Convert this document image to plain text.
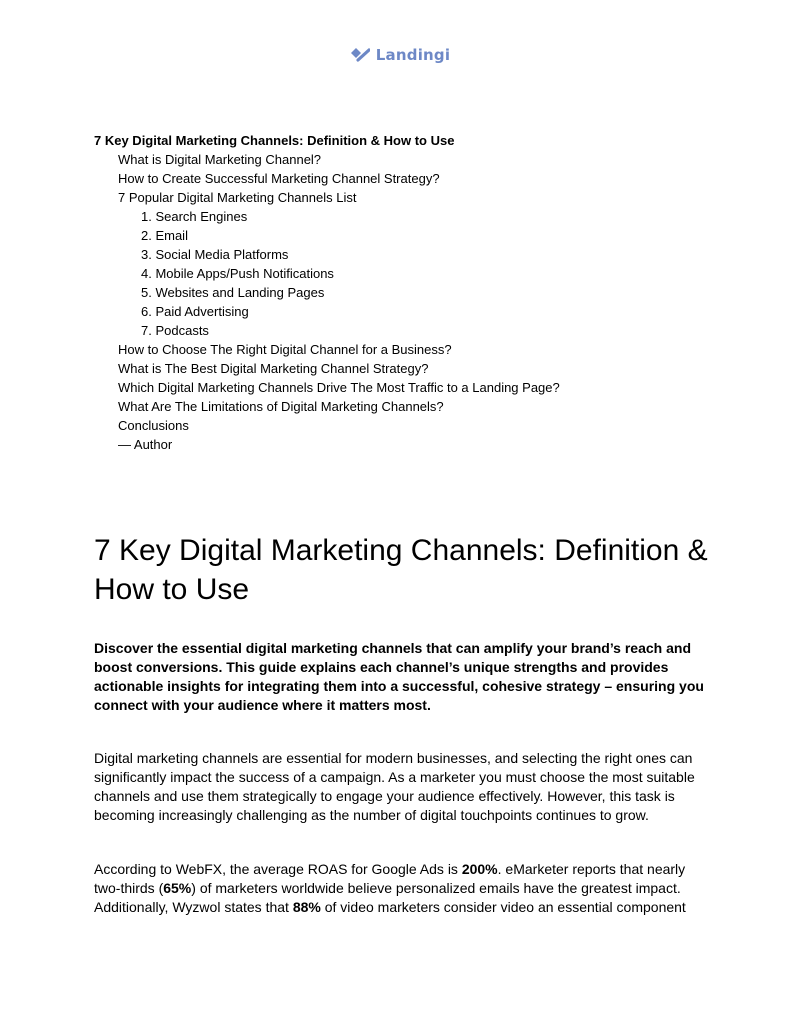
Landingi
7 Key Digital Marketing Channels: Definition & How to Use
What is Digital Marketing Channel?
How to Create Successful Marketing Channel Strategy?
7 Popular Digital Marketing Channels List
1. Search Engines
2. Email
3. Social Media Platforms
4. Mobile Apps/Push Notifications
5. Websites and Landing Pages
6. Paid Advertising
7. Podcasts
How to Choose The Right Digital Channel for a Business?
What is The Best Digital Marketing Channel Strategy?
Which Digital Marketing Channels Drive The Most Traffic to a Landing Page?
What Are The Limitations of Digital Marketing Channels?
Conclusions
— Author
7 Key Digital Marketing Channels: Definition & How to Use

Discover the essential digital marketing channels that can amplify your brand’s reach and boost conversions. This guide explains each channel’s unique strengths and provides actionable insights for integrating them into a successful, cohesive strategy – ensuring you connect with your audience where it matters most.

Digital marketing channels are essential for modern businesses, and selecting the right ones can significantly impact the success of a campaign. As a marketer you must choose the most suitable channels and use them strategically to engage your audience effectively. However, this task is becoming increasingly challenging as the number of digital touchpoints continues to grow.

According to WebFX, the average ROAS for Google Ads is 200%. eMarketer reports that nearly two-thirds (65%) of marketers worldwide believe personalized emails have the greatest impact. Additionally, Wyzwol states that 88% of video marketers consider video an essential component
